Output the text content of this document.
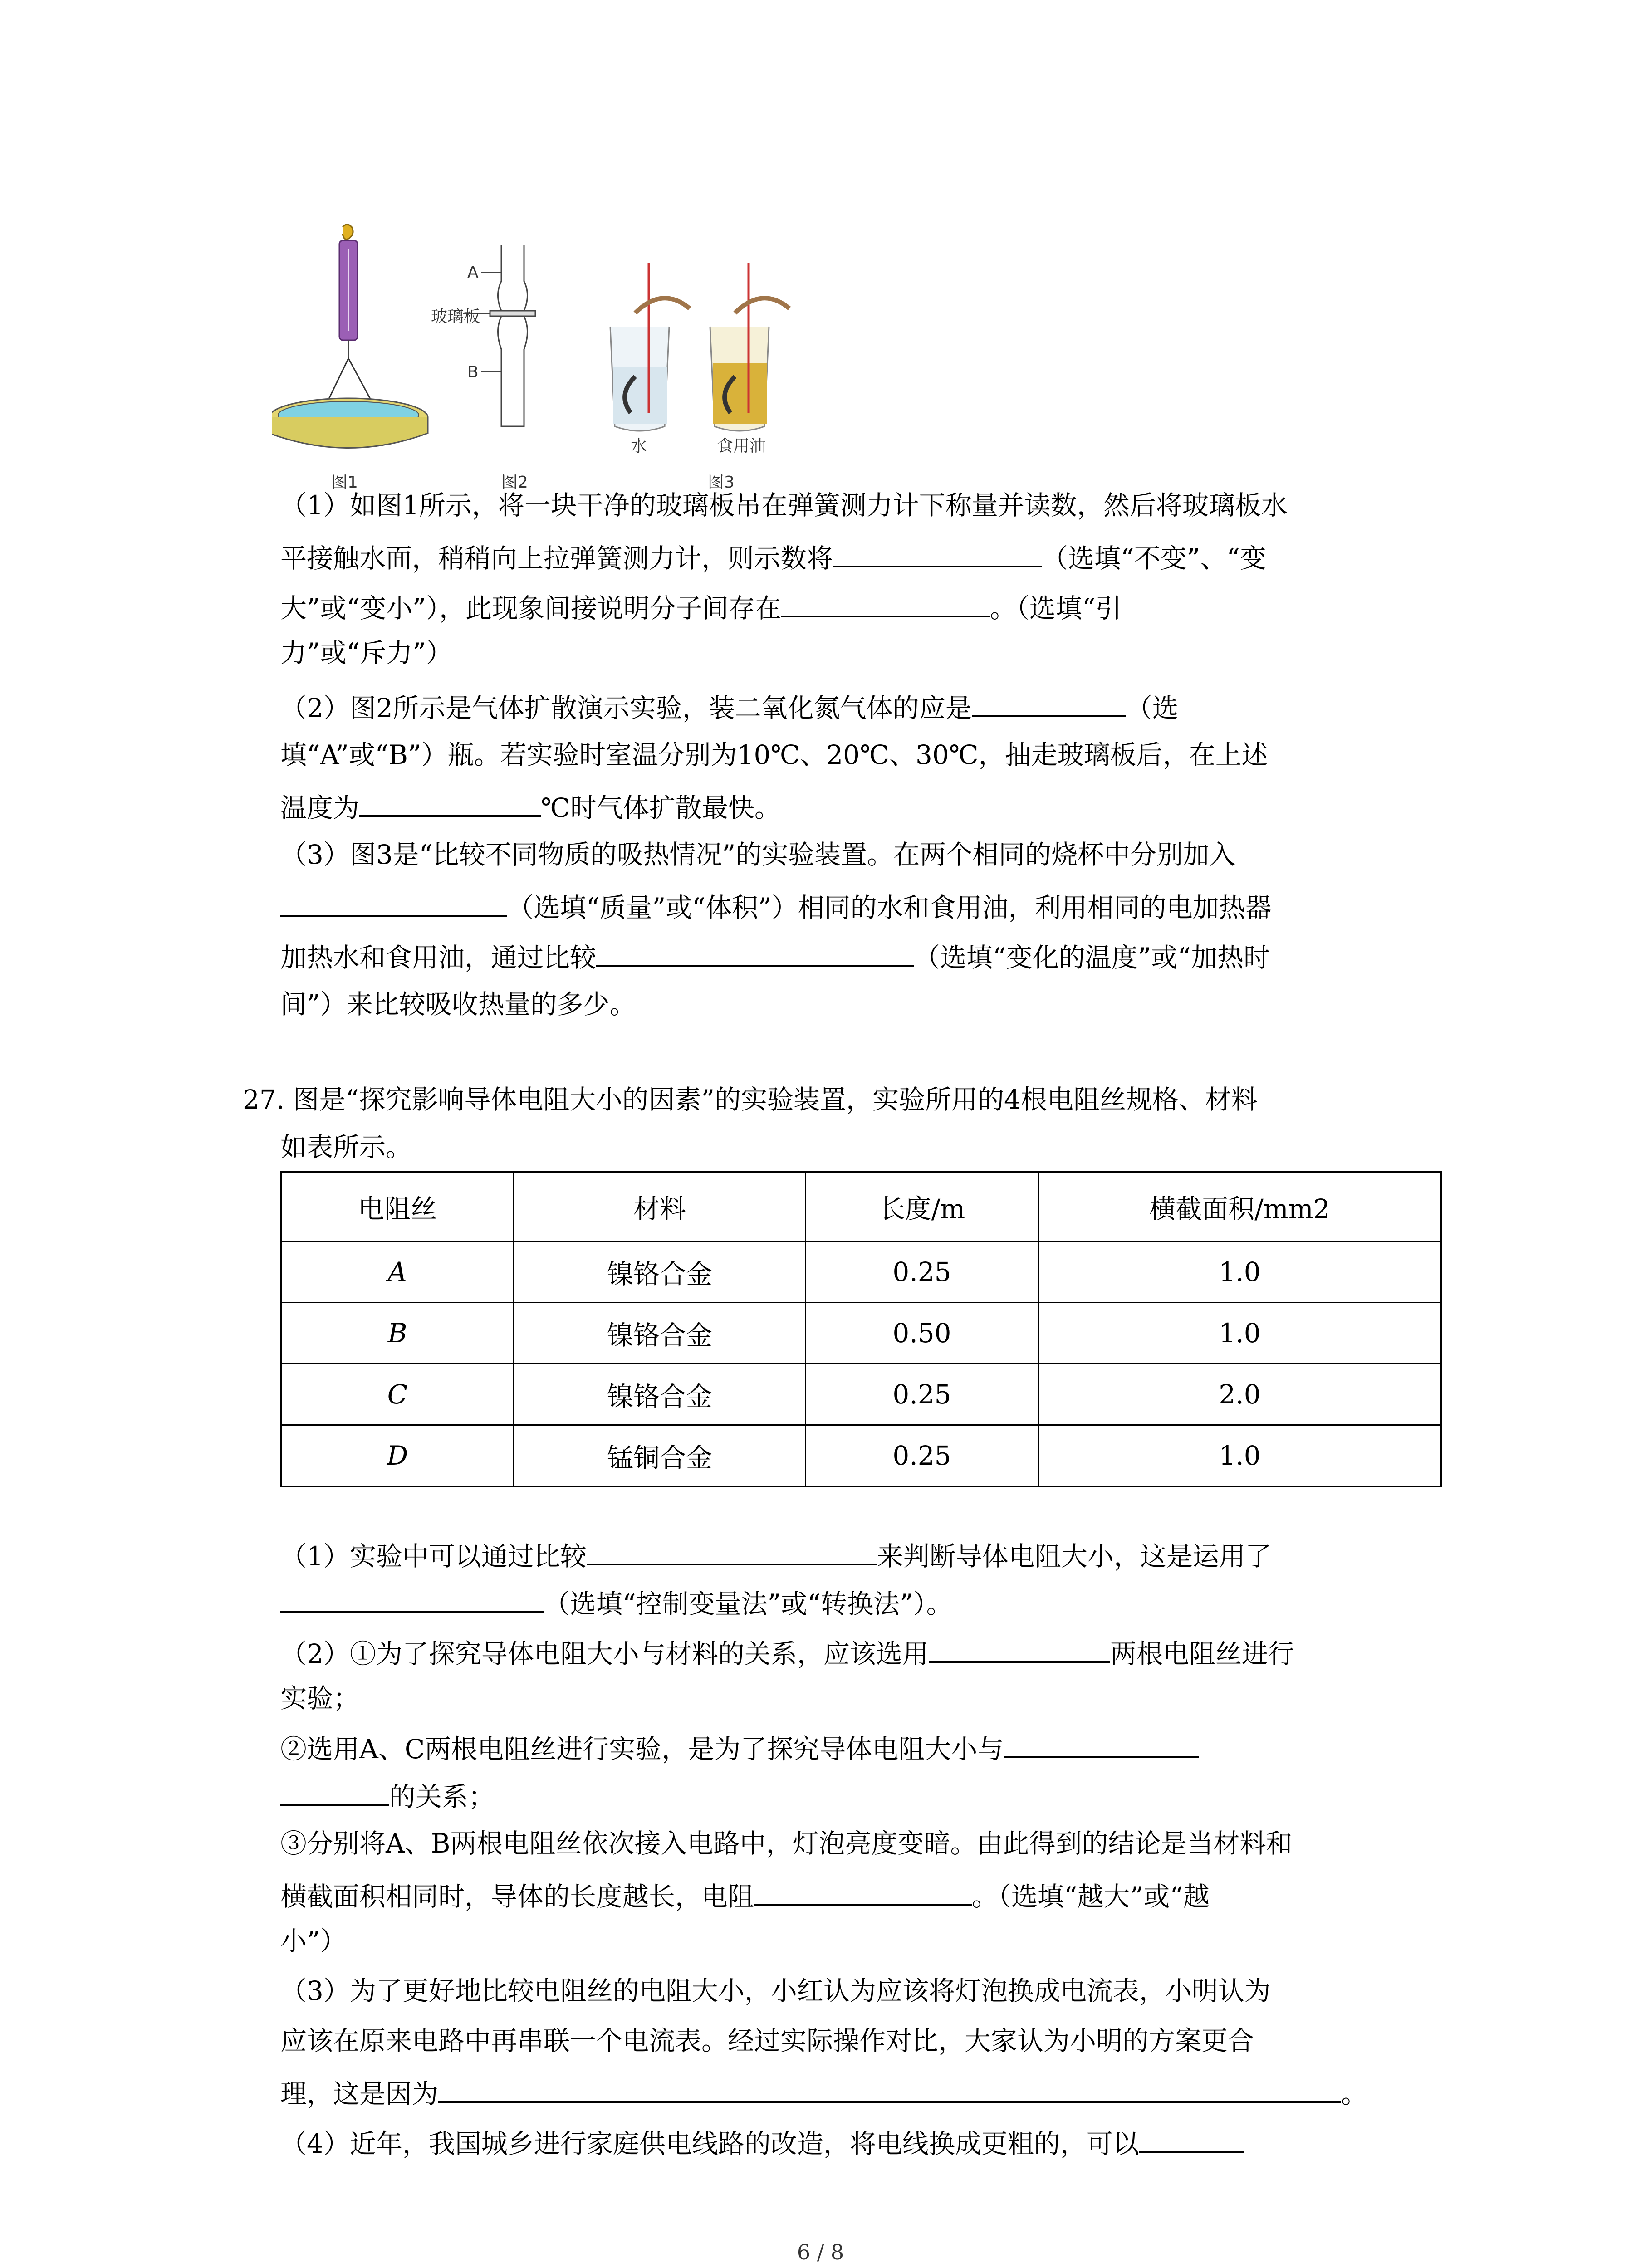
图1	图2	图3
A
B
玻璃板
水	食用油
（1）如图1所示，将一块干净的玻璃板吊在弹簧测力计下称量并读数，然后将玻璃板水
平接触水面，稍稍向上拉弹簧测力计，则示数将	（选填“不变”、“变
大”或“变小”），此现象间接说明分子间存在	。（选填“引
力”或“斥力”）
（2）图2所示是气体扩散演示实验，装二氧化氮气体的应是	（选
填“A”或“B”）瓶。若实验时室温分别为10℃、20℃、30℃，抽走玻璃板后，在上述
温度为	℃时气体扩散最快。
（3）图3是“比较不同物质的吸热情况”的实验装置。在两个相同的烧杯中分别加入
（选填“质量”或“体积”）相同的水和食用油，利用相同的电加热器
加热水和食用油，通过比较	（选填“变化的温度”或“加热时
间”）来比较吸收热量的多少。
27. 图是“探究影响导体电阻大小的因素”的实验装置，实验所用的4根电阻丝规格、材料
如表所示。
电阻丝	材料	长度/m	横截面积/mm2
A	镍铬合金	0.25	1.0
B	镍铬合金	0.50	1.0
C	镍铬合金	0.25	2.0
D	锰铜合金	0.25	1.0
（1）实验中可以通过比较	来判断导体电阻大小，这是运用了
（选填“控制变量法”或“转换法”）。
（2）①为了探究导体电阻大小与材料的关系，应该选用	两根电阻丝进行
实验；
②选用A、C两根电阻丝进行实验，是为了探究导体电阻大小与
的关系；
③分别将A、B两根电阻丝依次接入电路中，灯泡亮度变暗。由此得到的结论是当材料和
横截面积相同时，导体的长度越长，电阻	。（选填“越大”或“越
小”）
（3）为了更好地比较电阻丝的电阻大小，小红认为应该将灯泡换成电流表，小明认为
应该在原来电路中再串联一个电流表。经过实际操作对比，大家认为小明的方案更合
理，这是因为	。
（4）近年，我国城乡进行家庭供电线路的改造，将电线换成更粗的，可以
6 / 8
